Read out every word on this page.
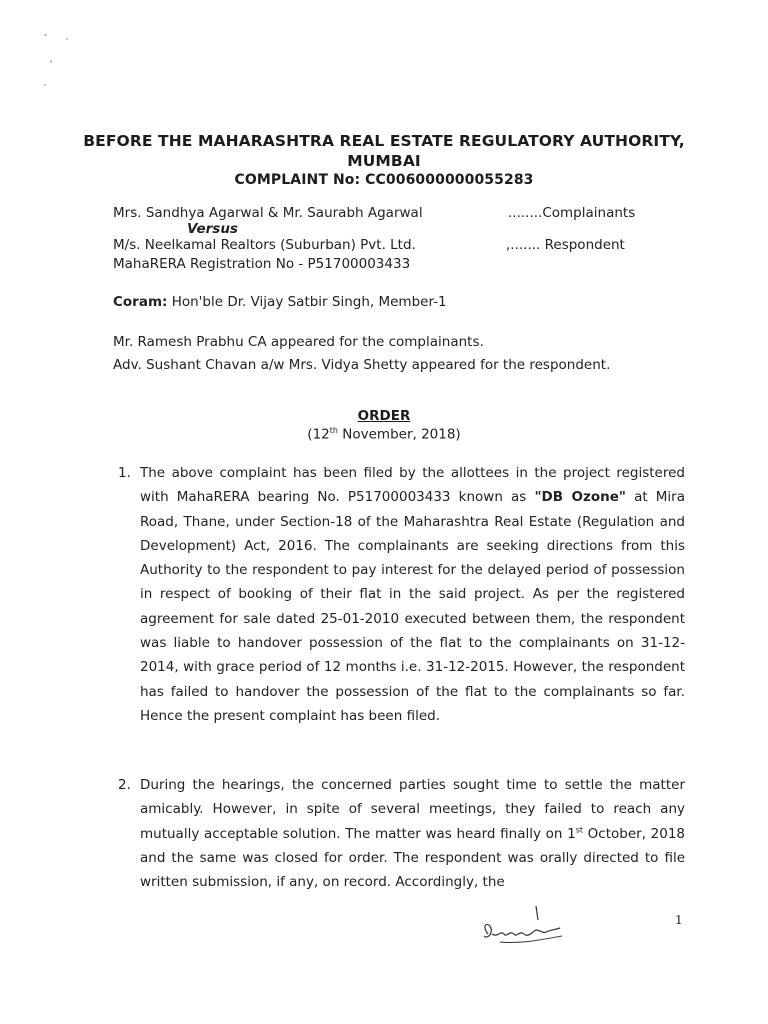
BEFORE THE MAHARASHTRA REAL ESTATE REGULATORY AUTHORITY,
MUMBAI
COMPLAINT No: CC006000000055283
Mrs. Sandhya Agarwal & Mr. Saurabh Agarwal	........Complainants
Versus
M/s. Neelkamal Realtors (Suburban) Pvt. Ltd.	,....... Respondent
MahaRERA Registration No - P51700003433
Coram: Hon'ble Dr. Vijay Satbir Singh, Member-1
Mr. Ramesh Prabhu CA appeared for the complainants.
Adv. Sushant Chavan a/w Mrs. Vidya Shetty appeared for the respondent.
ORDER
(12th November, 2018)
1. The above complaint has been filed by the allottees in the project registered with MahaRERA bearing No. P51700003433 known as "DB Ozone" at Mira Road, Thane, under Section-18 of the Maharashtra Real Estate (Regulation and Development) Act, 2016. The complainants are seeking directions from this Authority to the respondent to pay interest for the delayed period of possession in respect of booking of their flat in the said project. As per the registered agreement for sale dated 25-01-2010 executed between them, the respondent was liable to handover possession of the flat to the complainants on 31-12-2014, with grace period of 12 months i.e. 31-12-2015. However, the respondent has failed to handover the possession of the flat to the complainants so far. Hence the present complaint has been filed.
2. During the hearings, the concerned parties sought time to settle the matter amicably. However, in spite of several meetings, they failed to reach any mutually acceptable solution. The matter was heard finally on 1st October, 2018 and the same was closed for order. The respondent was orally directed to file written submission, if any, on record. Accordingly, the
1
